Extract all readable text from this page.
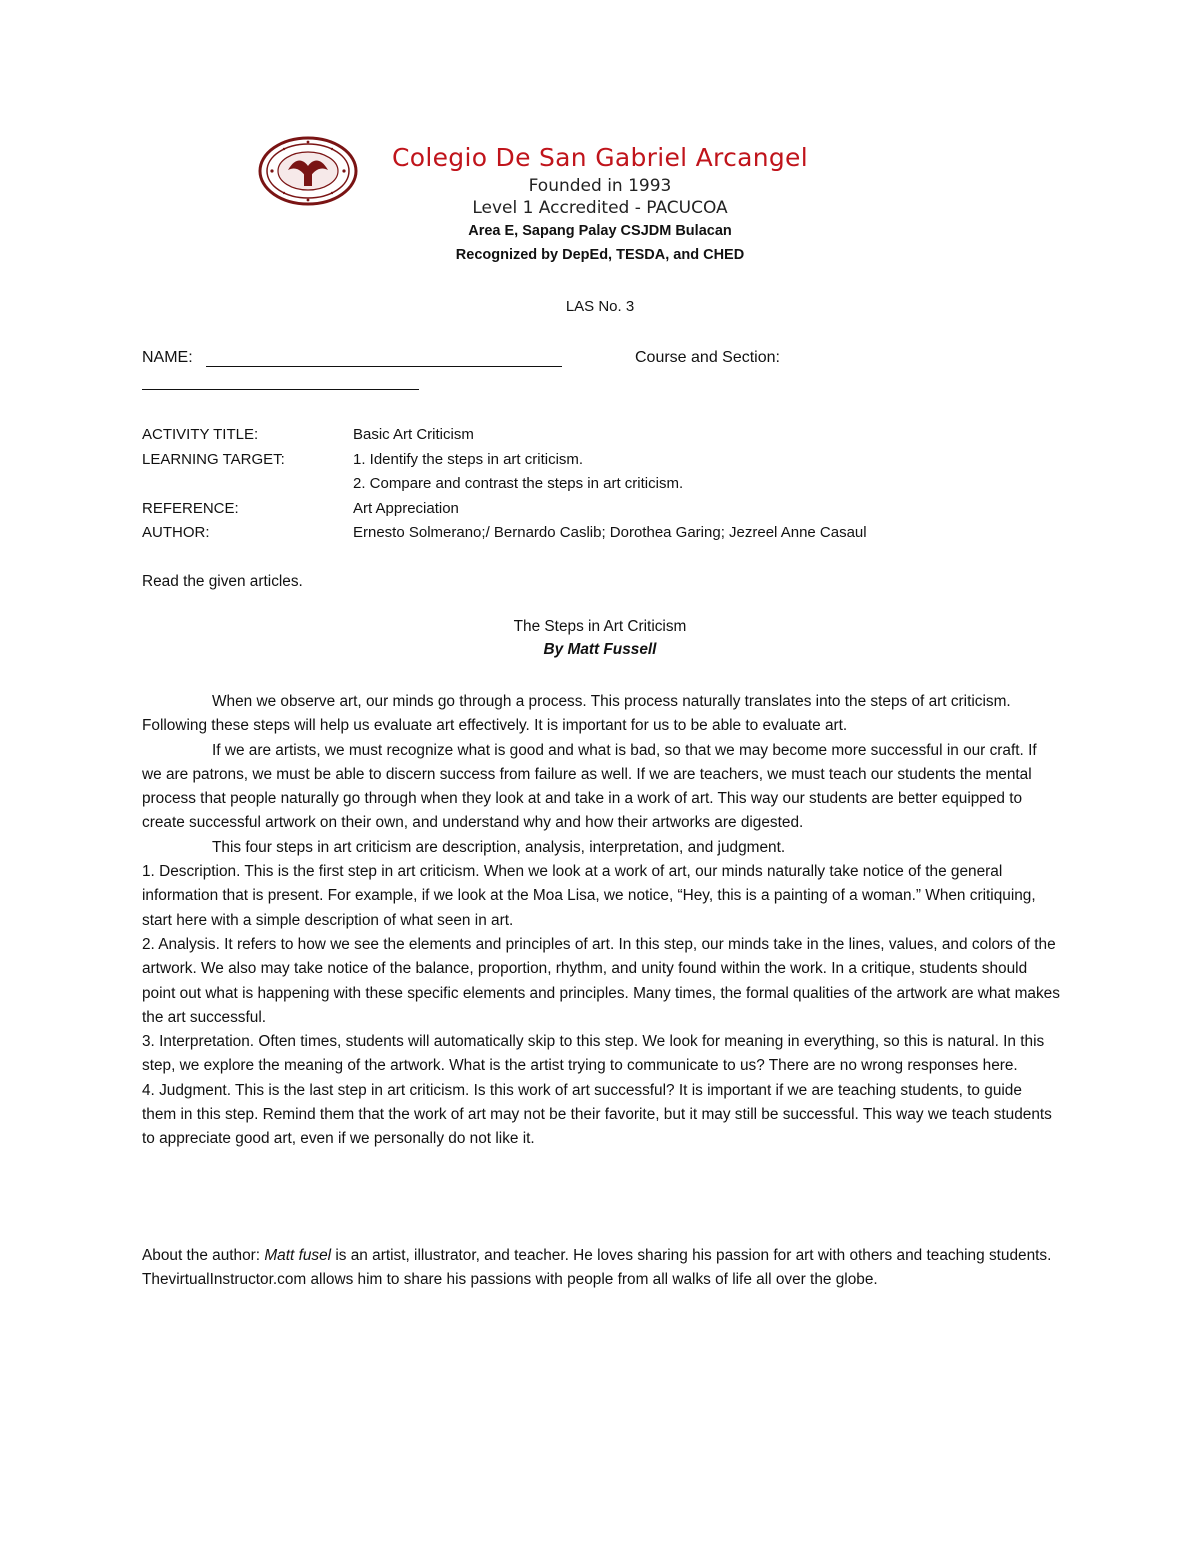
Colegio De San Gabriel Arcangel
Founded in 1993
Level 1 Accredited - PACUCOA
Area E, Sapang Palay CSJDM Bulacan
Recognized by DepEd, TESDA, and CHED
LAS No. 3
NAME:	Course and Section:
ACTIVITY TITLE:	Basic Art Criticism
LEARNING TARGET:	1. Identify the steps in art criticism.
2. Compare and contrast the steps in art criticism.
REFERENCE:	Art Appreciation
AUTHOR:	Ernesto Solmerano;/ Bernardo Caslib; Dorothea Garing; Jezreel Anne Casaul
Read the given articles.
The Steps in Art Criticism
By Matt Fussell

When we observe art, our minds go through a process. This process naturally translates into the steps of art criticism. Following these steps will help us evaluate art effectively. It is important for us to be able to evaluate art.

If we are artists, we must recognize what is good and what is bad, so that we may become more successful in our craft. If we are patrons, we must be able to discern success from failure as well. If we are teachers, we must teach our students the mental process that people naturally go through when they look at and take in a work of art. This way our students are better equipped to create successful artwork on their own, and understand why and how their artworks are digested.

This four steps in art criticism are description, analysis, interpretation, and judgment.

1. Description. This is the first step in art criticism. When we look at a work of art, our minds naturally take notice of the general information that is present. For example, if we look at the Moa Lisa, we notice, “Hey, this is a painting of a woman.” When critiquing, start here with a simple description of what seen in art.

2. Analysis. It refers to how we see the elements and principles of art. In this step, our minds take in the lines, values, and colors of the artwork. We also may take notice of the balance, proportion, rhythm, and unity found within the work. In a critique, students should point out what is happening with these specific elements and principles. Many times, the formal qualities of the artwork are what makes the art successful.

3. Interpretation. Often times, students will automatically skip to this step. We look for meaning in everything, so this is natural. In this step, we explore the meaning of the artwork. What is the artist trying to communicate to us? There are no wrong responses here.

4. Judgment. This is the last step in art criticism. Is this work of art successful? It is important if we are teaching students, to guide them in this step. Remind them that the work of art may not be their favorite, but it may still be successful. This way we teach students to appreciate good art, even if we personally do not like it.

About the author: Matt fusel is an artist, illustrator, and teacher. He loves sharing his passion for art with others and teaching students. ThevirtualInstructor.com allows him to share his passions with people from all walks of life all over the globe.
